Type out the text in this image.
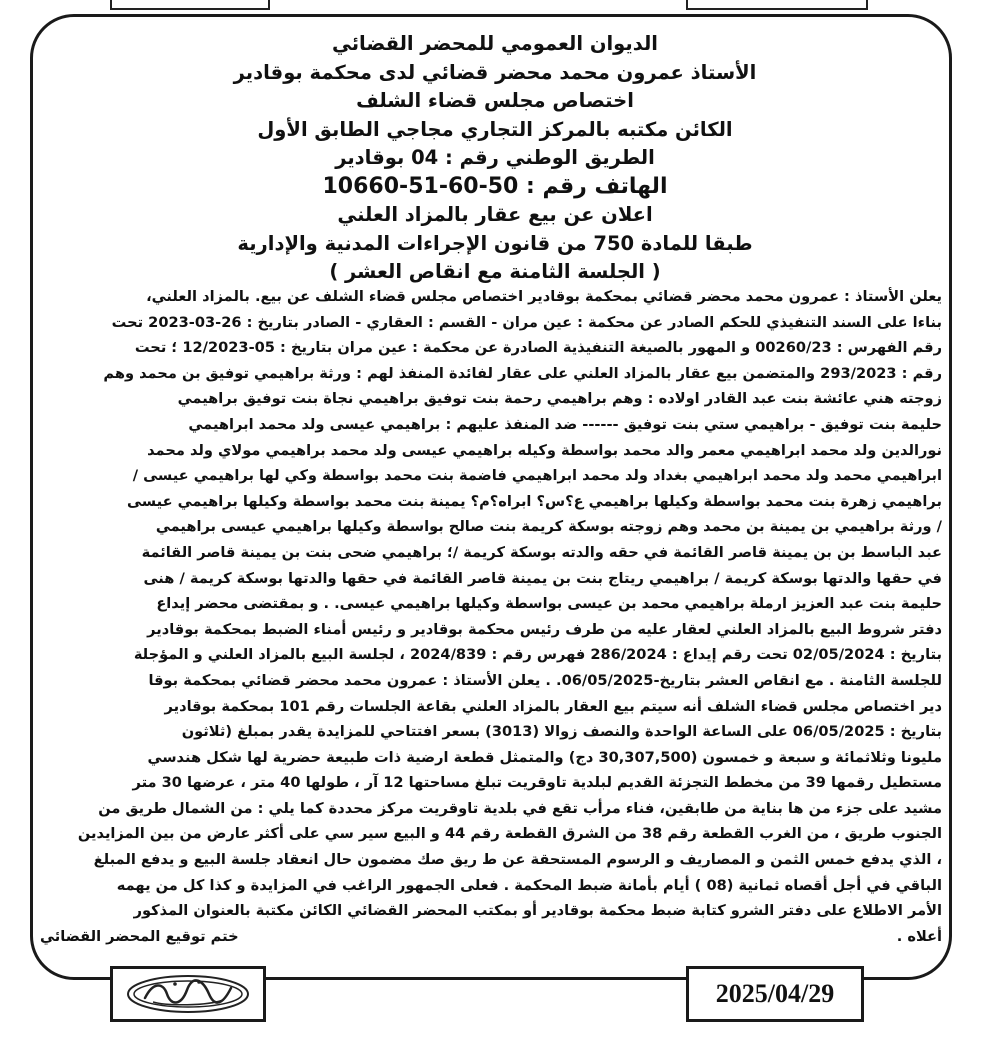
الديوان العمومي للمحضر القضائي
الأستاذ عمرون محمد محضر قضائي لدى محكمة بوقادير
اختصاص مجلس قضاء الشلف
الكائن مكتبه بالمركز التجاري مجاجي الطابق الأول
الطريق الوطني رقم : 04 بوقادير
الهاتف رقم : 50-60-51-10660
اعلان عن بيع عقار بالمزاد العلني
طبقا للمادة 750 من قانون الإجراءات المدنية والإدارية
( الجلسة الثامنة مع انقاص العشر )
يعلن الأستاذ : عمرون محمد محضر قضائي بمحكمة بوقادير اختصاص مجلس قضاء الشلف عن بيع. بالمزاد العلني،
بناءا على السند التنفيذي للحكم الصادر عن محكمة : عين مران - القسم : العقاري - الصادر بتاريخ : 26-03-2023 تحت
رقم الفهرس : 00260/23 و المهور بالصيغة التنفيذية الصادرة عن محكمة : عين مران بتاريخ : 05-12/2023 ؛ تحت
رقم : 293/2023 والمتضمن بيع عقار بالمزاد العلني على عقار لفائدة المنفذ لهم : ورثة براهيمي توفيق بن محمد وهم
زوجته هني عائشة بنت عبد القادر اولاده : وهم براهيمي رحمة بنت توفيق براهيمي نجاة بنت توفيق براهيمي
حليمة بنت توفيق - براهيمي ستي بنت توفيق ------ ضد المنفذ عليهم : براهيمي عيسى ولد محمد ابراهيمي
نورالدين ولد محمد ابراهيمي معمر والد محمد بواسطة وكيله براهيمي عيسى ولد محمد براهيمي مولاي ولد محمد
ابراهيمي محمد ولد محمد ابراهيمي بغداد ولد محمد ابراهيمي فاضمة بنت محمد بواسطة وكي لها براهيمي عيسى /
براهيمي زهرة بنت محمد بواسطة وكيلها براهيمي ع؟س؟ ابراه؟م؟ يمينة بنت محمد بواسطة وكيلها براهيمي عيسى
/ ورثة براهيمي بن يمينة بن محمد وهم زوجته بوسكة كريمة بنت صالح بواسطة وكيلها براهيمي عيسى براهيمي
عبد الباسط بن بن يمينة قاصر القائمة في حقه والدته بوسكة كريمة /؛ براهيمي ضحى بنت بن يمينة قاصر القائمة
في حقها والدتها بوسكة كريمة / براهيمي ريتاج بنت بن يمينة قاصر القائمة في حقها والدتها بوسكة كريمة / هنى
حليمة بنت عبد العزيز ارملة براهيمي محمد بن عيسى بواسطة وكيلها براهيمي عيسى. . و بمقتضى محضر إيداع
دفتر شروط البيع بالمزاد العلني لعقار عليه من طرف رئيس محكمة بوقادير و رئيس أمناء الضبط بمحكمة بوقادير
بتاريخ : 02/05/2024 تحت رقم إيداع : 286/2024 فهرس رقم : 2024/839 ، لجلسة البيع بالمزاد العلني و المؤجلة
للجلسة الثامنة . مع انقاص العشر بتاريخ-06/05/2025. . يعلن الأستاذ : عمرون محمد محضر قضائي بمحكمة بوقا
دير اختصاص مجلس قضاء الشلف أنه سيتم بيع العقار بالمزاد العلني بقاعة الجلسات رقم 101 بمحكمة بوقادير
بتاريخ : 06/05/2025 على الساعة الواحدة والنصف زوالا (3013) بسعر افتتاحي للمزايدة يقدر بمبلغ (ثلاثون
مليونا وثلاثمائة و سبعة و خمسون (30,307,500 دج) والمتمثل قطعة ارضية ذات طبيعة حضرية لها شكل هندسي
مستطيل رقمها 39 من مخطط التجزئة القديم لبلدية تاوقريت تبلغ مساحتها 12 آر ، طولها 40 متر ، عرضها 30 متر
مشيد على جزء من ها بناية من طابقين، فناء مرأب تقع في بلدية تاوقريت مركز محددة كما يلي : من الشمال طريق من
الجنوب طريق ، من الغرب القطعة رقم 38 من الشرق القطعة رقم 44 و البيع سير سي على أكثر عارض من بين المزايدين
، الذي يدفع خمس الثمن و المصاريف و الرسوم المستحقة عن ط ريق صك مضمون حال انعقاد جلسة البيع و يدفع المبلغ
الباقي في أجل أقصاه ثمانية (08 ) أيام بأمانة ضبط المحكمة . فعلى الجمهور الراغب في المزايدة و كذا كل من يهمه
الأمر الاطلاع على دفتر الشرو كتابة ضبط محكمة بوقادير أو بمكتب المحضر القضائي الكائن مكتبة بالعنوان المذكور
أعلاه .
ختم توقيع المحضر القضائي
2025/04/29
